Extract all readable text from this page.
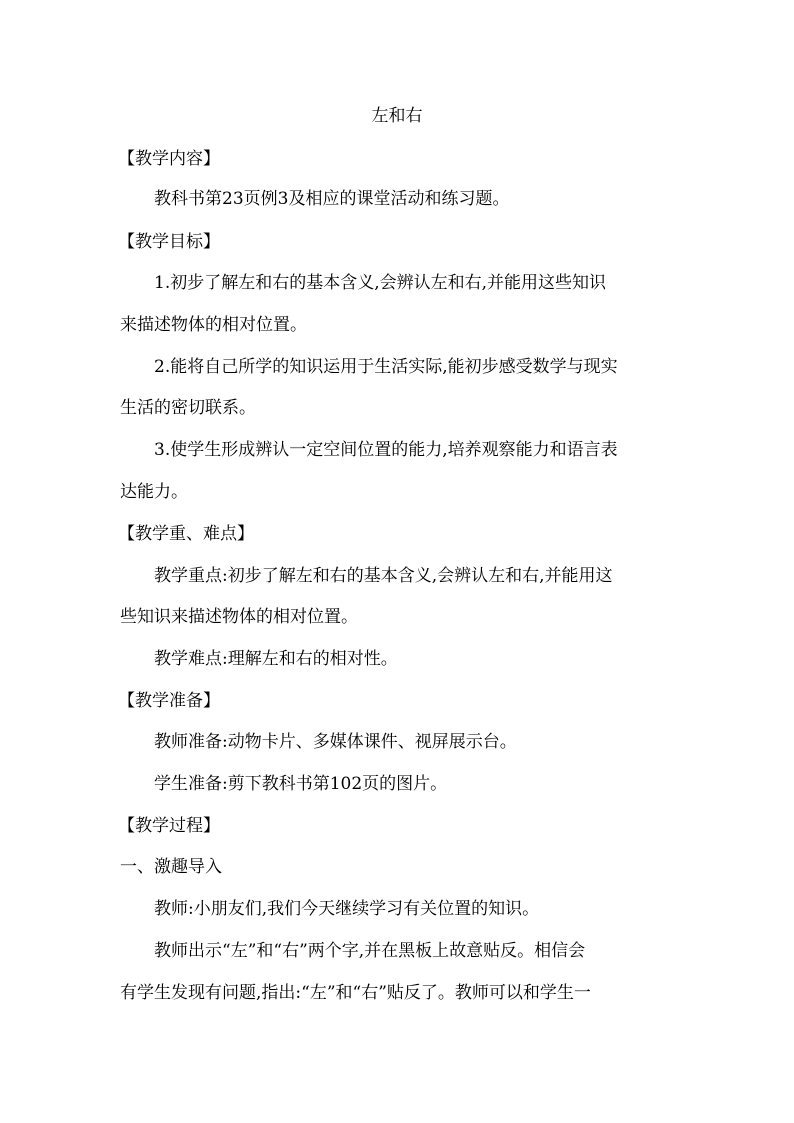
左和右
【教学内容】
教科书第23页例3及相应的课堂活动和练习题。
【教学目标】
1.初步了解左和右的基本含义,会辨认左和右,并能用这些知识
来描述物体的相对位置。
2.能将自己所学的知识运用于生活实际,能初步感受数学与现实
生活的密切联系。
3.使学生形成辨认一定空间位置的能力,培养观察能力和语言表
达能力。
【教学重、难点】
教学重点:初步了解左和右的基本含义,会辨认左和右,并能用这
些知识来描述物体的相对位置。
教学难点:理解左和右的相对性。
【教学准备】
教师准备:动物卡片、多媒体课件、视屏展示台。
学生准备:剪下教科书第102页的图片。
【教学过程】
一、激趣导入
教师:小朋友们,我们今天继续学习有关位置的知识。
教师出示“左”和“右”两个字,并在黑板上故意贴反。相信会
有学生发现有问题,指出:“左”和“右”贴反了。教师可以和学生一
